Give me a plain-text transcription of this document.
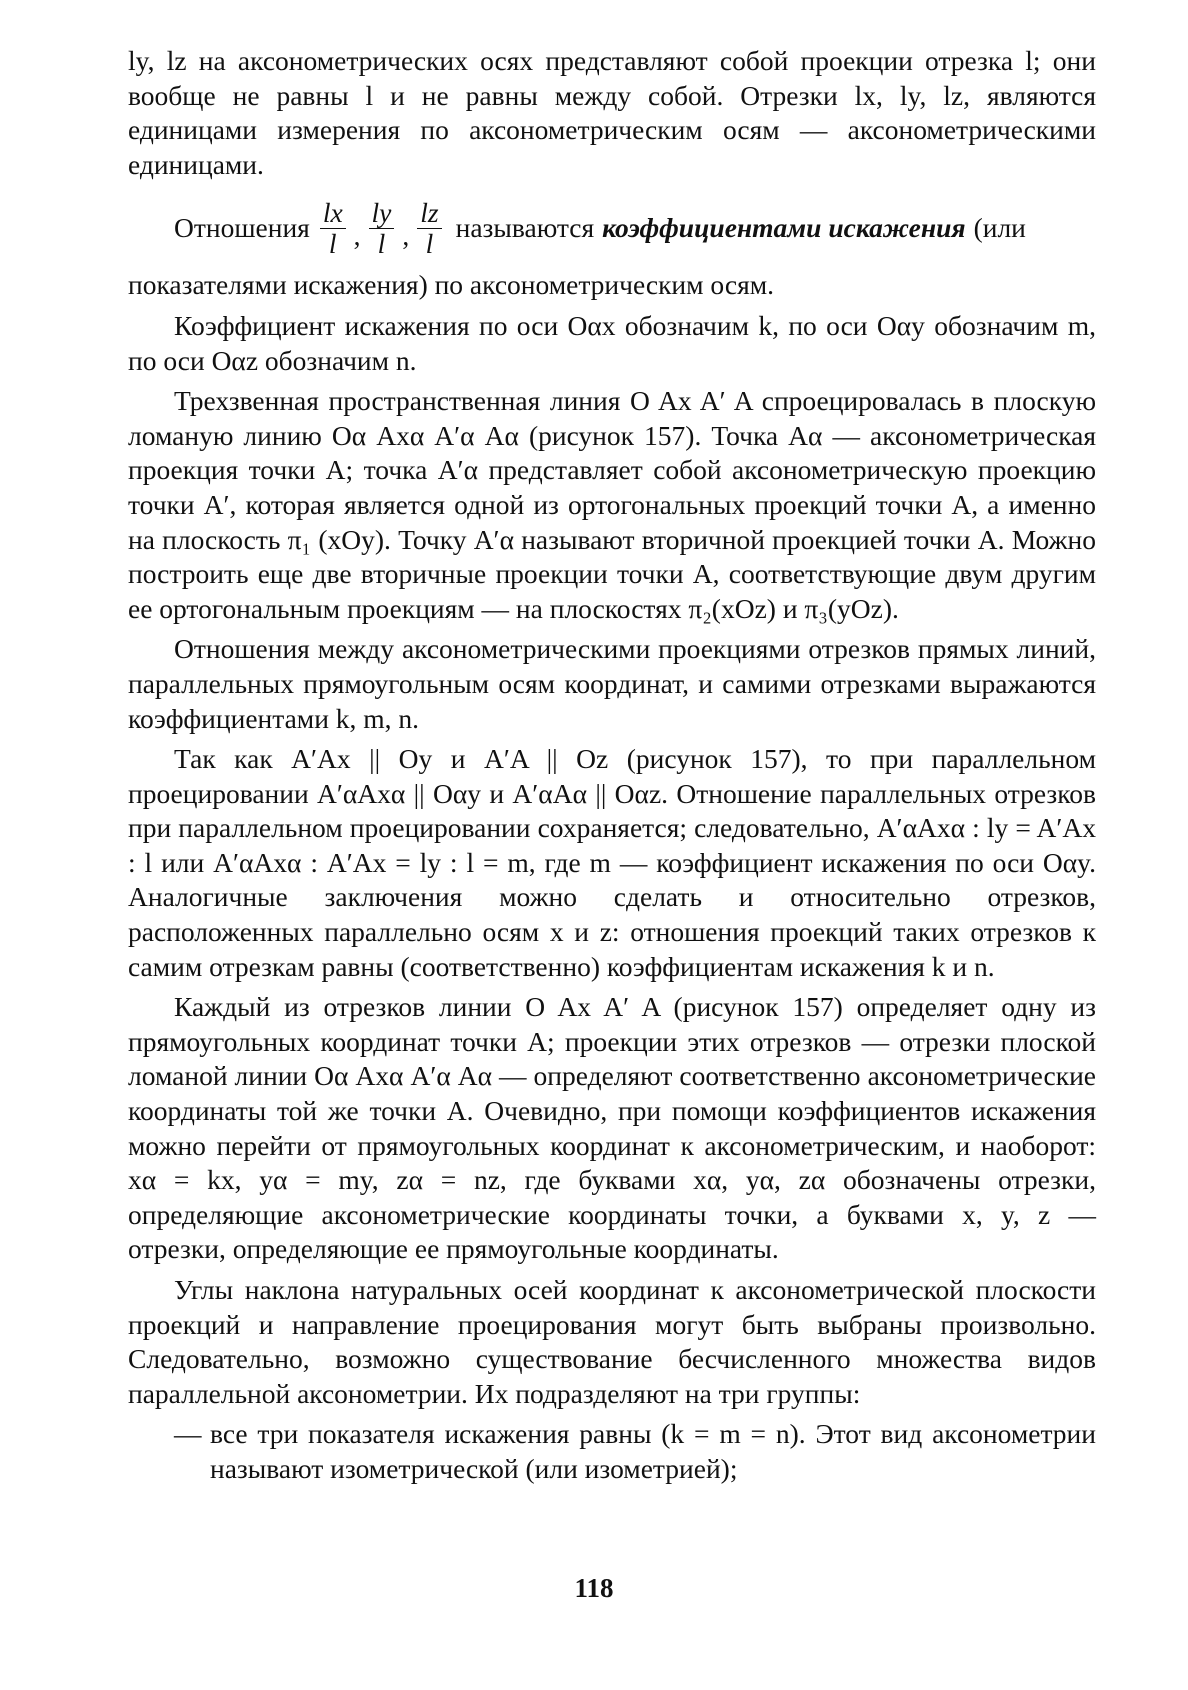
ly, lz на аксонометрических осях представляют собой проекции отрезка l; они вообще не равны l и не равны между собой. Отрезки lx, ly, lz, являются единицами измерения по аксонометрическим осям — аксонометрическими единицами.

Отношения $\frac{lx}{l}$ , $\frac{ly}{l}$ , $\frac{lz}{l}$ называются коэффициентами искажения (или

показателями искажения) по аксонометрическим осям.

Коэффициент искажения по оси Oαx обозначим k, по оси Oαy обозначим m, по оси Oαz обозначим n.

Трехзвенная пространственная линия O Ax A′ A спроецировалась в плоскую ломаную линию Oα Axα A′α Aα (рисунок 157). Точка Aα — аксонометрическая проекция точки A; точка A′α представляет собой аксонометрическую проекцию точки A′, которая является одной из ортогональных проекций точки A, а именно на плоскость π₁ (xOy). Точку A′α называют вторичной проекцией точки A. Можно построить еще две вторичные проекции точки A, соответствующие двум другим ее ортогональным проекциям — на плоскостях π₂(xOz) и π₃(yOz).

Отношения между аксонометрическими проекциями отрезков прямых линий, параллельных прямоугольным осям координат, и самими отрезками выражаются коэффициентами k, m, n.

Так как A′Ax || Oy и A′A || Oz (рисунок 157), то при параллельном проецировании A′αAxα || Oαy и A′αAα || Oαz. Отношение параллельных отрезков при параллельном проецировании сохраняется; следовательно, A′αAxα : ly = A′Ax : l или A′αAxα : A′Ax = ly : l = m, где m — коэффициент искажения по оси Oαy. Аналогичные заключения можно сделать и относительно отрезков, расположенных параллельно осям x и z: отношения проекций таких отрезков к самим отрезкам равны (соответственно) коэффициентам искажения k и n.

Каждый из отрезков линии O Ax A′ A (рисунок 157) определяет одну из прямоугольных координат точки A; проекции этих отрезков — отрезки плоской ломаной линии Oα Axα A′α Aα — определяют соответственно аксонометрические координаты той же точки A. Очевидно, при помощи коэффициентов искажения можно перейти от прямоугольных координат к аксонометрическим, и наоборот: xα = kx, yα = my, zα = nz, где буквами xα, yα, zα обозначены отрезки, определяющие аксонометрические координаты точки, а буквами x, y, z — отрезки, определяющие ее прямоугольные координаты.

Углы наклона натуральных осей координат к аксонометрической плоскости проекций и направление проецирования могут быть выбраны произвольно. Следовательно, возможно существование бесчисленного множества видов параллельной аксонометрии. Их подразделяют на три группы:

— все три показателя искажения равны (k = m = n). Этот вид аксонометрии называют изометрической (или изометрией);
118
